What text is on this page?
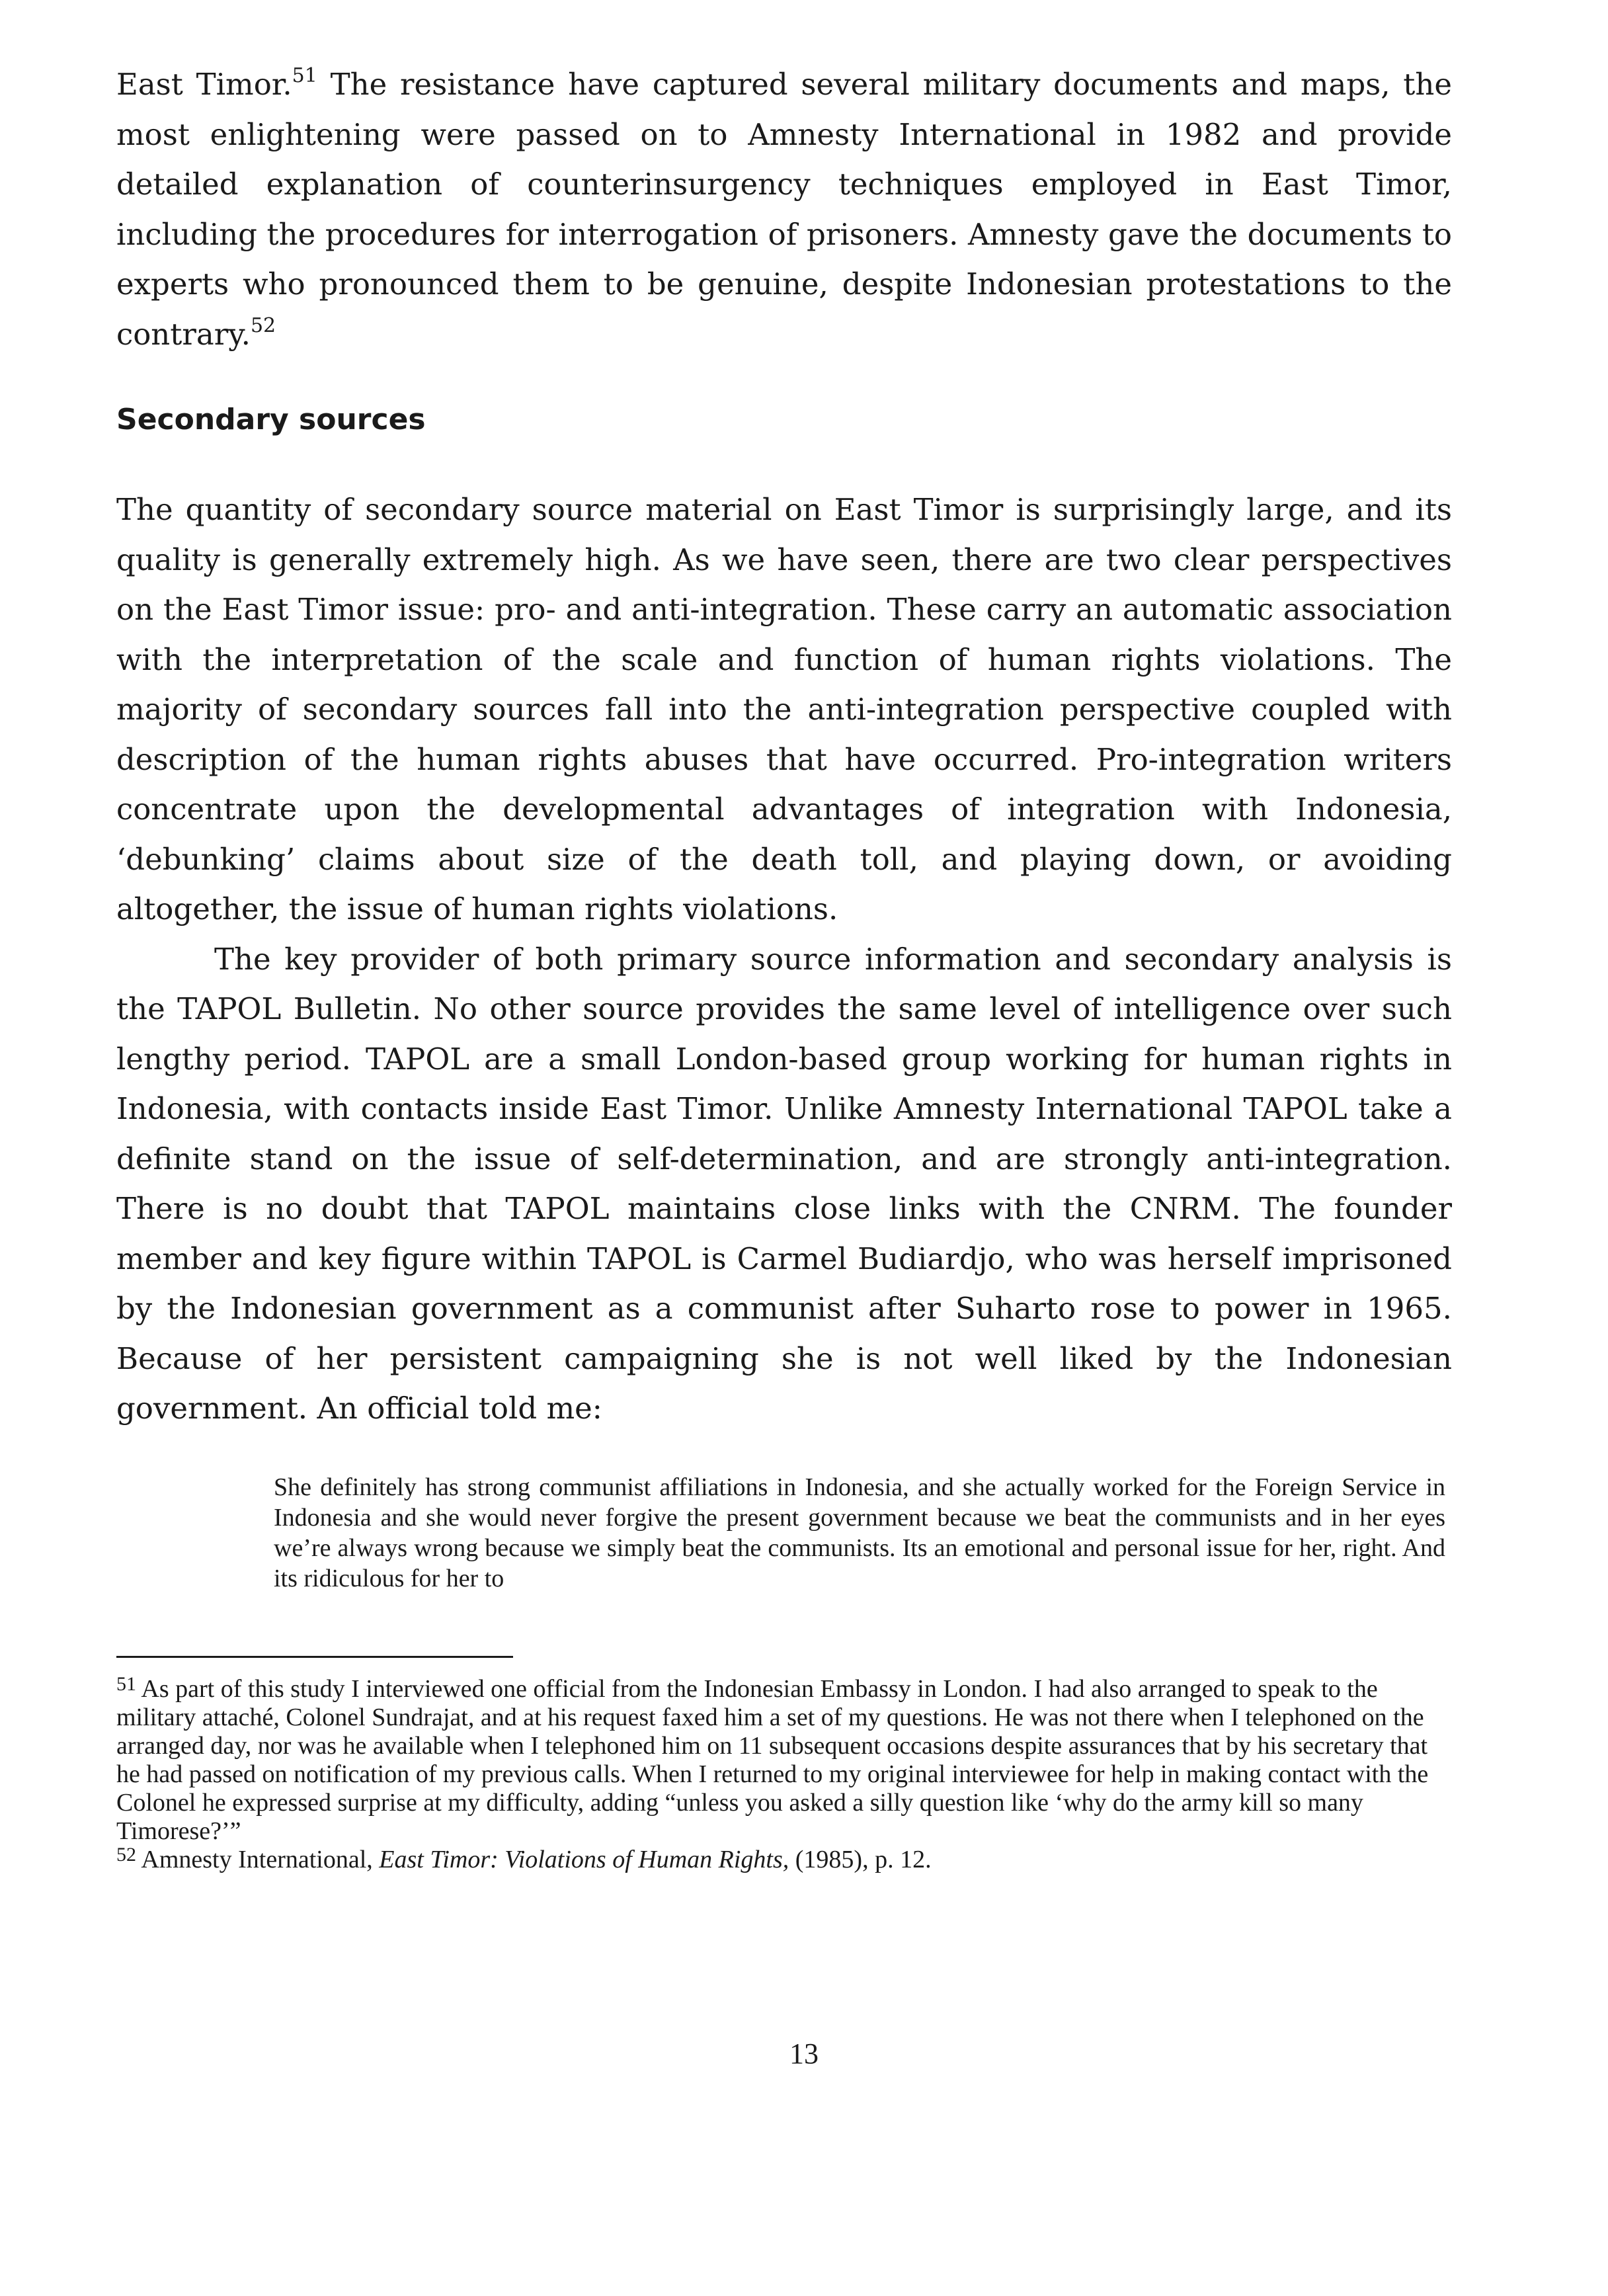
East Timor.$^{51}$ The resistance have captured several military documents and maps, the most enlightening were passed on to Amnesty International in 1982 and provide detailed explanation of counterinsurgency techniques employed in East Timor, including the procedures for interrogation of prisoners. Amnesty gave the documents to experts who pronounced them to be genuine, despite Indonesian protestations to the contrary.$^{52}$

Secondary sources

The quantity of secondary source material on East Timor is surprisingly large, and its quality is generally extremely high. As we have seen, there are two clear perspectives on the East Timor issue: pro- and anti-integration. These carry an automatic association with the interpretation of the scale and function of human rights violations. The majority of secondary sources fall into the anti-integration perspective coupled with description of the human rights abuses that have occurred. Pro-integration writers concentrate upon the developmental advantages of integration with Indonesia, ‘debunking’ claims about size of the death toll, and playing down, or avoiding altogether, the issue of human rights violations.

The key provider of both primary source information and secondary analysis is the TAPOL Bulletin. No other source provides the same level of intelligence over such lengthy period. TAPOL are a small London-based group working for human rights in Indonesia, with contacts inside East Timor. Unlike Amnesty International TAPOL take a definite stand on the issue of self-determination, and are strongly anti-integration. There is no doubt that TAPOL maintains close links with the CNRM. The founder member and key figure within TAPOL is Carmel Budiardjo, who was herself imprisoned by the Indonesian government as a communist after Suharto rose to power in 1965. Because of her persistent campaigning she is not well liked by the Indonesian government. An official told me:

She definitely has strong communist affiliations in Indonesia, and she actually worked for the Foreign Service in Indonesia and she would never forgive the present government because we beat the communists and in her eyes we’re always wrong because we simply beat the communists. Its an emotional and personal issue for her, right. And its ridiculous for her to

$^{51}$ As part of this study I interviewed one official from the Indonesian Embassy in London. I had also arranged to speak to the military attaché, Colonel Sundrajat, and at his request faxed him a set of my questions. He was not there when I telephoned on the arranged day, nor was he available when I telephoned him on 11 subsequent occasions despite assurances that by his secretary that he had passed on notification of my previous calls. When I returned to my original interviewee for help in making contact with the Colonel he expressed surprise at my difficulty, adding “unless you asked a silly question like ‘why do the army kill so many Timorese?’”

$^{52}$ Amnesty International, East Timor: Violations of Human Rights, (1985), p. 12.

13
